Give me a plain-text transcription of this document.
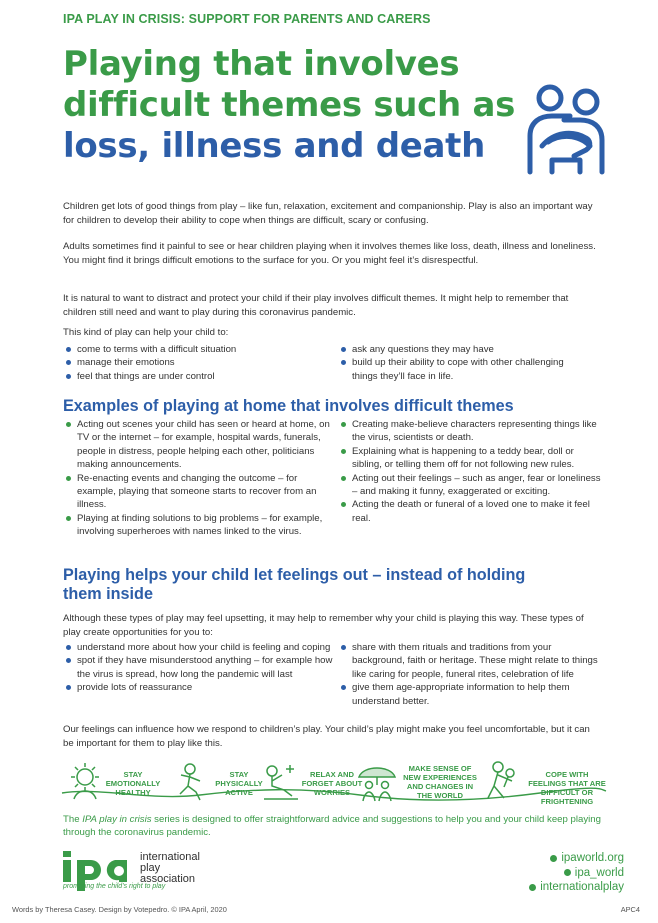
IPA PLAY IN CRISIS: SUPPORT FOR PARENTS AND CARERS
Playing that involves
difficult themes such as
loss, illness and death

Children get lots of good things from play – like fun, relaxation, excitement and companionship. Play is also an important way for children to develop their ability to cope when things are difficult, scary or confusing.

Adults sometimes find it painful to see or hear children playing when it involves themes like loss, death, illness and loneliness. You might find it brings difficult emotions to the surface for you. Or you might feel it’s disrespectful.

It is natural to want to distract and protect your child if their play involves difficult themes. It might help to remember that children still need and want to play during this coronavirus pandemic.

This kind of play can help your child to:

come to terms with a difficult situation
manage their emotions
feel that things are under control
ask any questions they may have
build up their ability to cope with other challenging things they’ll face in life.
Examples of playing at home that involves difficult themes
Acting out scenes your child has seen or heard at home, on TV or the internet – for example, hospital wards, funerals, people in distress, people helping each other, politicians making announcements.
Re-enacting events and changing the outcome – for example, playing that someone starts to recover from an illness.
Playing at finding solutions to big problems – for example, involving superheroes with names linked to the virus.
Creating make-believe characters representing things like the virus, scientists or death.
Explaining what is happening to a teddy bear, doll or sibling, or telling them off for not following new rules.
Acting out their feelings – such as anger, fear or loneliness – and making it funny, exaggerated or exciting.
Acting the death or funeral of a loved one to make it feel real.
Playing helps your child let feelings out – instead of holding
them inside

Although these types of play may feel upsetting, it may help to remember why your child is playing this way. These types of play create opportunities for you to:

understand more about how your child is feeling and coping
spot if they have misunderstood anything – for example how the virus is spread, how long the pandemic will last
provide lots of reassurance
share with them rituals and traditions from your background, faith or heritage. These might relate to things like caring for people, funeral rites, celebration of life
give them age-appropriate information to help them understand better.

Our feelings can influence how we respond to children’s play. Your child’s play might make you feel uncomfortable, but it can be important for them to play like this.

STAY EMOTIONALLY HEALTHY
STAY PHYSICALLY ACTIVE
RELAX AND FORGET ABOUT WORRIES
MAKE SENSE OF NEW EXPERIENCES AND CHANGES IN THE WORLD
COPE WITH FEELINGS THAT ARE DIFFICULT OR FRIGHTENING

The IPA play in crisis series is designed to offer straightforward advice and suggestions to help you and your child keep playing through the coronavirus pandemic.

international
play
association
promoting the child’s right to play
ipaworld.org
ipa_world
internationalplay
Words by Theresa Casey. Design by Votepedro. © IPA April, 2020	APC4
